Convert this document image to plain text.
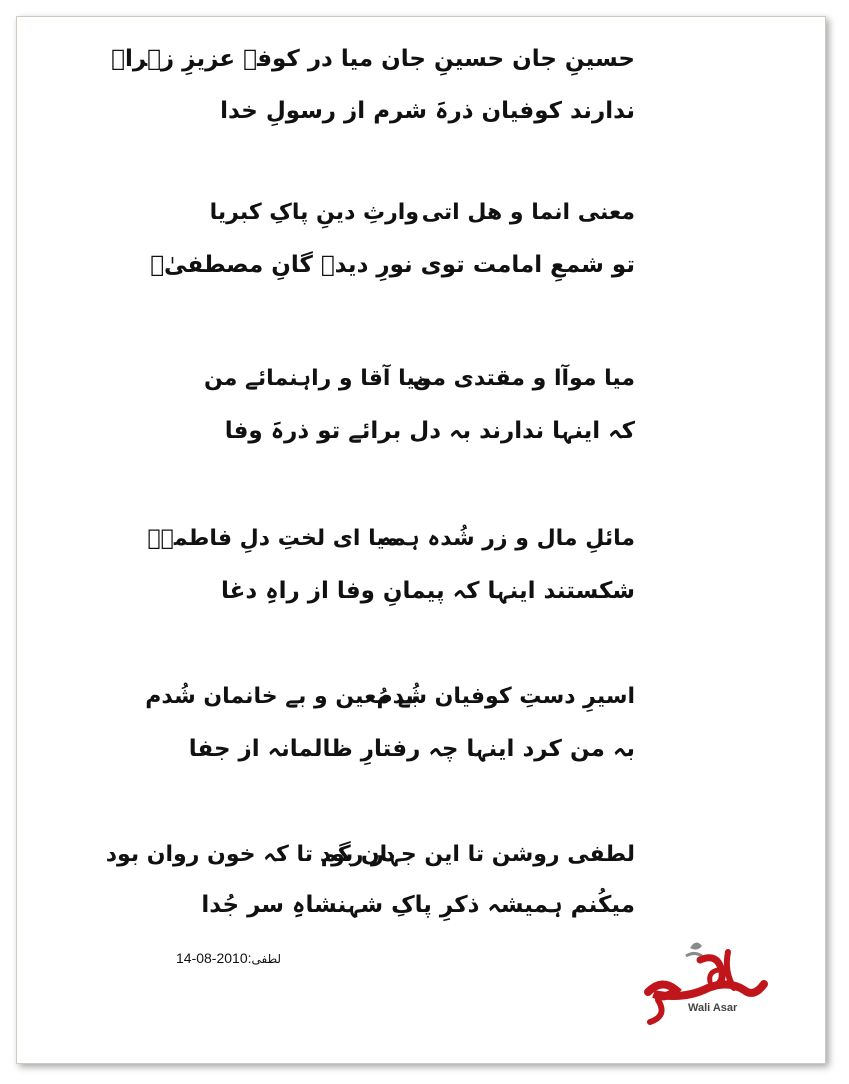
حسینِ جان حسینِ جان میا در کوفہ عزیزِ زہراؑ
ندارند کوفیان ذرہَ شرم از رسولِ خدا
معنی انما و ھل اتی
وارثِ دینِ پاکِ کبریا
تو شمعِ امامت توی نورِ دیدہ گانِ مصطفیٰؐ
میا موآا و مقتدی من
میا آقا و راہنمائے من
کہ اینہا ندارند بہ دل برائے تو ذرہَ وفا
مائلِ مال و زر شُدہ ہمہ
میا ای لختِ دلِ فاطمہؑ
شکستند اینہا کہ پیمانِ وفا از راہِ دغا
اسیرِ دستِ کوفیان شُدم
بے مُعین و بے خانمان شُدم
بہ من کرد اینہا چہ رفتارِ ظالمانہ از جفا
لطفی روشن تا این جہان بود
در رگم تا کہ خون روان بود
میکُنم ہمیشہ ذکرِ پاکِ شہنشاہِ سر جُدا
14-08-2010:لطفی
Wali Asar
